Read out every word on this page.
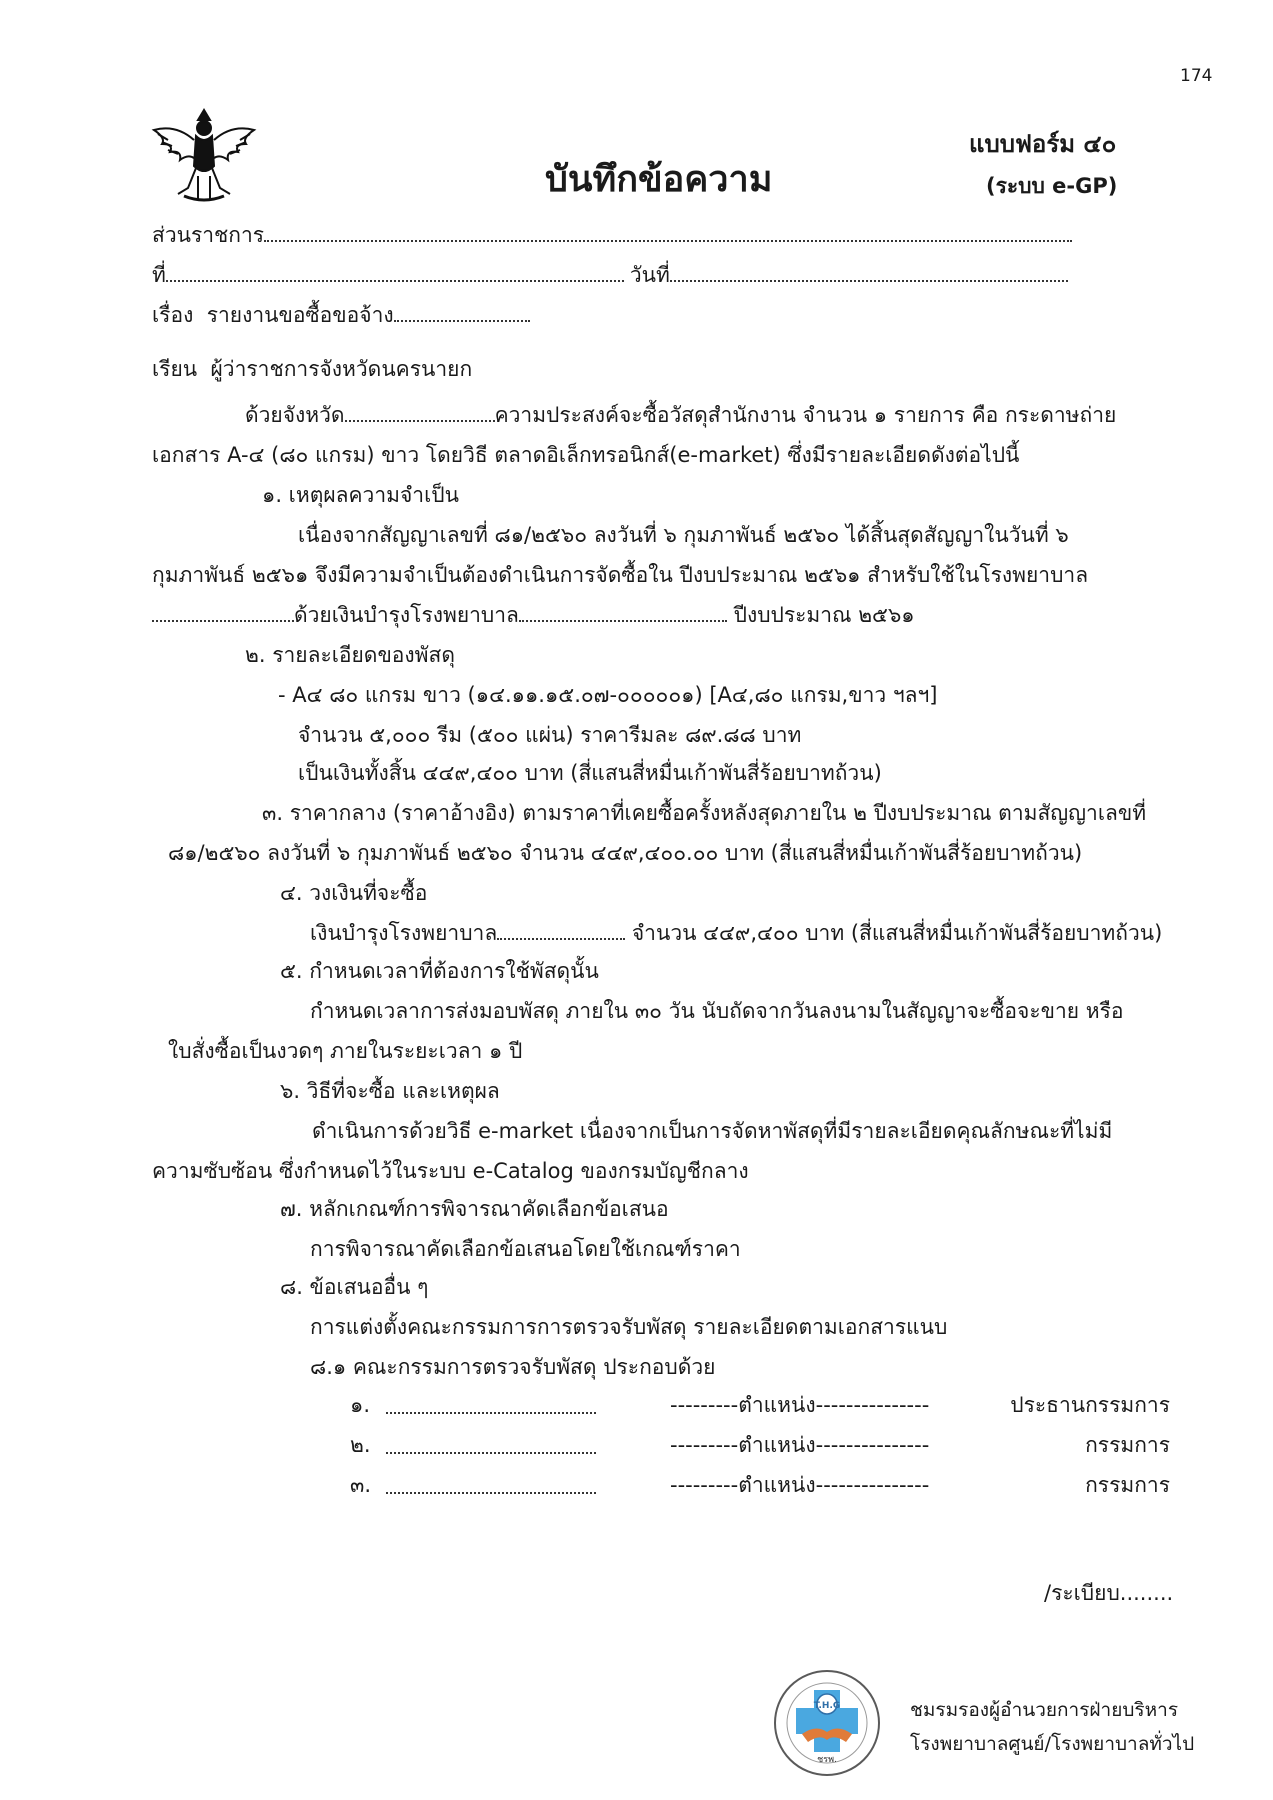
174
บันทึกข้อความ
แบบฟอร์ม ๔๐
(ระบบ e-GP)
ส่วนราชการ
ที่	วันที่
เรื่อง รายงานขอซื้อขอจ้าง
เรียน ผู้ว่าราชการจังหวัดนครนายก
ด้วยจังหวัด	ความประสงค์จะซื้อวัสดุสำนักงาน จำนวน ๑ รายการ คือ กระดาษถ่าย
เอกสาร A-๔ (๘๐ แกรม) ขาว โดยวิธี ตลาดอิเล็กทรอนิกส์(e-market) ซึ่งมีรายละเอียดดังต่อไปนี้
๑. เหตุผลความจำเป็น
เนื่องจากสัญญาเลขที่ ๘๑/๒๕๖๐ ลงวันที่ ๖ กุมภาพันธ์ ๒๕๖๐ ได้สิ้นสุดสัญญาในวันที่ ๖
กุมภาพันธ์ ๒๕๖๑ จึงมีความจำเป็นต้องดำเนินการจัดซื้อใน ปีงบประมาณ ๒๕๖๑ สำหรับใช้ในโรงพยาบาล
ด้วยเงินบำรุงโรงพยาบาล	ปีงบประมาณ ๒๕๖๑
๒. รายละเอียดของพัสดุ
- A๔ ๘๐ แกรม ขาว (๑๔.๑๑.๑๕.๐๗-๐๐๐๐๐๑) [A๔,๘๐ แกรม,ขาว ฯลฯ]
จำนวน ๕,๐๐๐ รีม (๕๐๐ แผ่น) ราคารีมละ ๘๙.๘๘ บาท
เป็นเงินทั้งสิ้น ๔๔๙,๔๐๐ บาท (สี่แสนสี่หมื่นเก้าพันสี่ร้อยบาทถ้วน)
๓. ราคากลาง (ราคาอ้างอิง) ตามราคาที่เคยซื้อครั้งหลังสุดภายใน ๒ ปีงบประมาณ ตามสัญญาเลขที่
๘๑/๒๕๖๐ ลงวันที่ ๖ กุมภาพันธ์ ๒๕๖๐ จำนวน ๔๔๙,๔๐๐.๐๐ บาท (สี่แสนสี่หมื่นเก้าพันสี่ร้อยบาทถ้วน)
๔. วงเงินที่จะซื้อ
เงินบำรุงโรงพยาบาล	จำนวน ๔๔๙,๔๐๐ บาท (สี่แสนสี่หมื่นเก้าพันสี่ร้อยบาทถ้วน)
๕. กำหนดเวลาที่ต้องการใช้พัสดุนั้น
กำหนดเวลาการส่งมอบพัสดุ ภายใน ๓๐ วัน นับถัดจากวันลงนามในสัญญาจะซื้อจะขาย หรือ
ใบสั่งซื้อเป็นงวดๆ ภายในระยะเวลา ๑ ปี
๖. วิธีที่จะซื้อ และเหตุผล
ดำเนินการด้วยวิธี e-market เนื่องจากเป็นการจัดหาพัสดุที่มีรายละเอียดคุณลักษณะที่ไม่มี
ความซับซ้อน ซึ่งกำหนดไว้ในระบบ e-Catalog ของกรมบัญชีกลาง
๗. หลักเกณฑ์การพิจารณาคัดเลือกข้อเสนอ
การพิจารณาคัดเลือกข้อเสนอโดยใช้เกณฑ์ราคา
๘. ข้อเสนออื่น ๆ
การแต่งตั้งคณะกรรมการการตรวจรับพัสดุ รายละเอียดตามเอกสารแนบ
๘.๑ คณะกรรมการตรวจรับพัสดุ ประกอบด้วย
๑.	---------ตำแหน่ง---------------	ประธานกรรมการ
๒.	---------ตำแหน่ง---------------	กรรมการ
๓.	---------ตำแหน่ง---------------	กรรมการ
/ระเบียบ........
T.H.G
ชรพ.
ชมรมรองผู้อำนวยการฝ่ายบริหาร
โรงพยาบาลศูนย์/โรงพยาบาลทั่วไป
